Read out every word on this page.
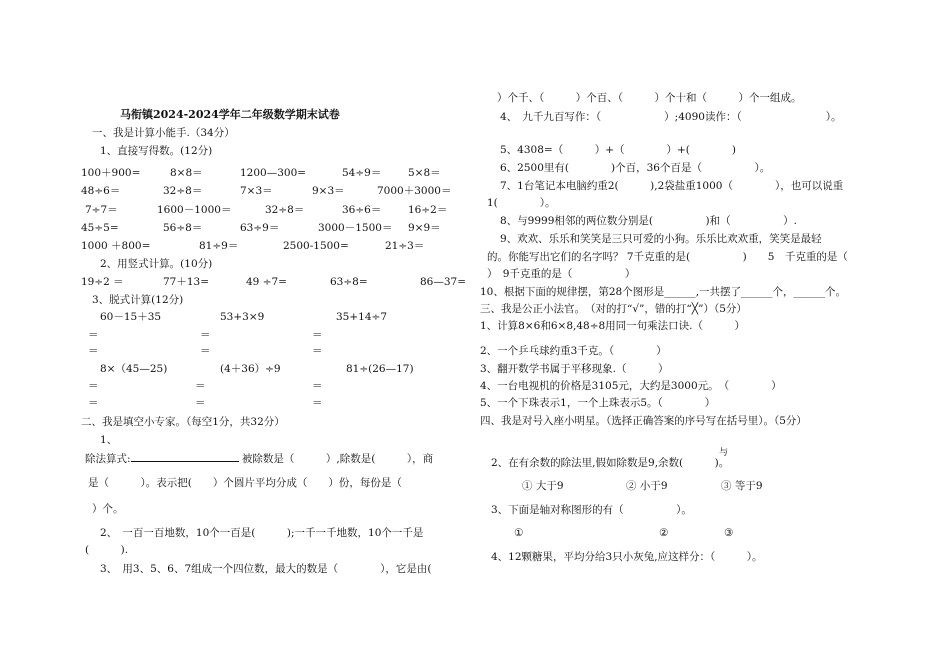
马衔镇2024-2024学年二年级数学期末试卷
一、我是计算小能手.（34分）
1、直接写得数。(12分)
100＋900=	8×8＝	1200—300=	54÷9＝	5×8＝
48÷6＝	32÷8＝	7×3＝	9×3＝	7000＋3000＝
7÷7＝	1600－1000＝	32÷8＝	36÷6＝	16÷2＝
45÷5=	56÷8＝	63÷9＝	3000－1500＝ 9×9＝
1000 ＋800=	81÷9＝	2500-1500=	21÷3＝
2、用竖式计算。(10分)
19÷2 ＝	77＋13=	49 ÷7=	63÷8=	86—37=
3、脱式计算(12分)
60－15＋35	53+3×9	35+14÷7
＝	＝	＝
＝	＝	＝
8×（45—25)	(4＋36）÷9	81÷(26—17)
＝	＝	＝
＝	＝	＝
二、我是填空小专家。（每空1分，共32分）
1、
除法算式:	被除数是（　　　）,除数是(　　　），商
是（　　　）。表示把(　　）个圆片平均分成（　　）份，每份是（
）个。
2、　一百一百地数，10个一百是(　　　);一千一千地数，10个一千是
(　　　).
3、　用3、5、6、7组成一个四位数，最大的数是（　　　　），它是由(
）个千、（　　　）个百、（　　　）个十和（　　　）个一组成。
4、　九千九百写作：（　　　　　　）;4090读作：（　　　　　　　　）。
5、4308=（　　　）+（　　　　）+(　　　　)
6、2500里有(　　　　)个百，36个百是（　　　　　）。
7、1台笔记本电脑约重2(　　　),2袋盐重1000（　　　　），也可以说重
1(　　　　）。
8、与9999相邻的两位数分别是(　　　　　)和（　　　　　）.
9、欢欢、乐乐和笑笑是三只可爱的小狗。乐乐比欢欢重，笑笑是最轻
的。你能写出它们的名字吗？ 7千克重的是(　　　　　)　　5　千克重的是（
）　9千克重的是（　　　　　）
10、根据下面的规律摆，第28个图形是______,一共摆了______个，______个。
三、我是公正小法官。　（对的打“√”，错的打“╳”）（5分）
1、计算8×6和6×8,48÷8用同一句乘法口诀.（　　　）
2、一个乒乓球约重3千克。（　　　　）
3、翻开数学书属于平移现象.（　　　）
4、一台电视机的价格是3105元，大约是3000元。　（　　　　）
5、一个下珠表示1，一个上珠表示5。（　　　　）
四、我是对号入座小明星。（选择正确答案的序号写在括号里）。（5分）
与
2、在有余数的除法里,假如除数是9,余数(　　　)。
① 大于9	② 小于9	③ 等于9
3、下面是轴对称图形的有（　　　　　）。
①	②	③
4、12颗糖果，平均分给3只小灰兔,应这样分：（　　　）。
